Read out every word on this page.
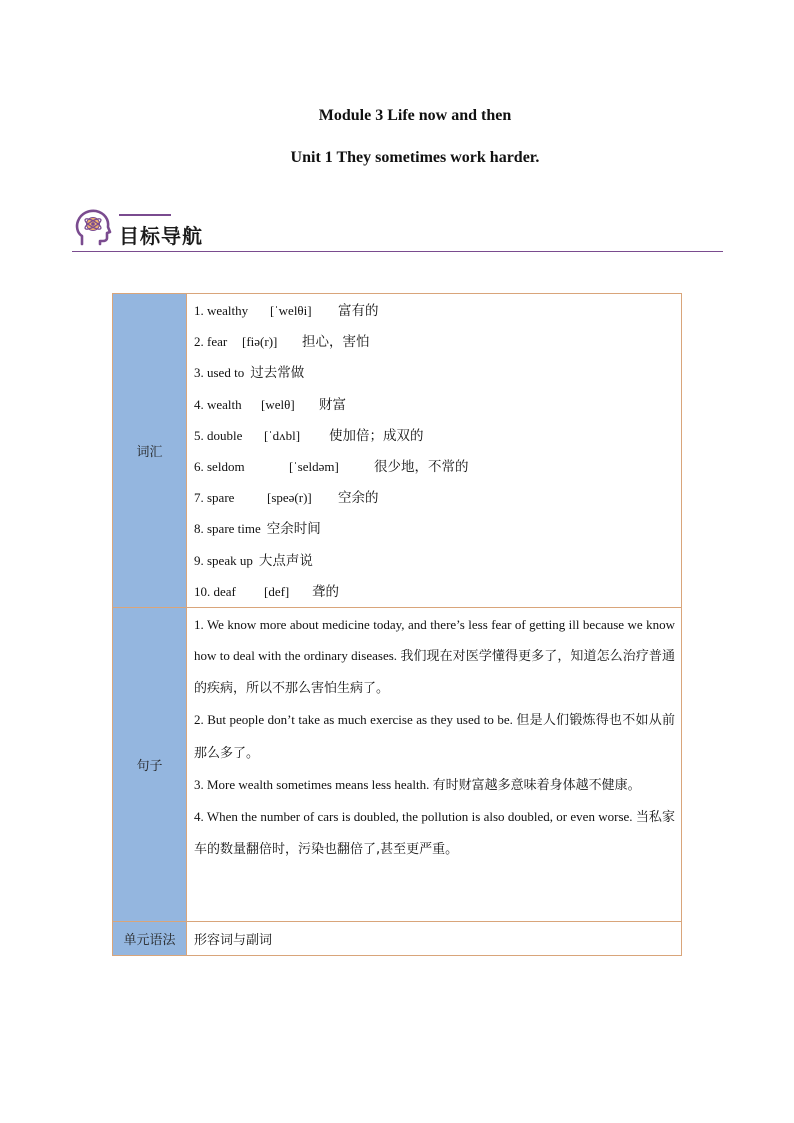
Module 3 Life now and then
Unit 1 They sometimes work harder.
目标导航
词汇
1. wealthy [ˈwelθi] 富有的
2. fear [fiə(r)] 担心，害怕
3. used to 过去常做
4. wealth [welθ] 财富
5. double [ˈdʌbl] 使加倍；成双的
6. seldom	[ˈseldəm]	很少地，不常的
7. spare	[speə(r)] 空余的
8. spare time 空余时间
9. speak up 大点声说
10. deaf [def] 聋的
句子
1. We know more about medicine today, and there’s less fear of getting ill because we know how to deal with the ordinary diseases. 我们现在对医学懂得更多了，知道怎么治疗普通的疾病，所以不那么害怕生病了。
2. But people don’t take as much exercise as they used to be. 但是人们锻炼得也不如从前那么多了。
3. More wealth sometimes means less health. 有时财富越多意味着身体越不健康。
4. When the number of cars is doubled, the pollution is also doubled, or even worse. 当私家车的数量翻倍时，污染也翻倍了,甚至更严重。
单元语法	形容词与副词
